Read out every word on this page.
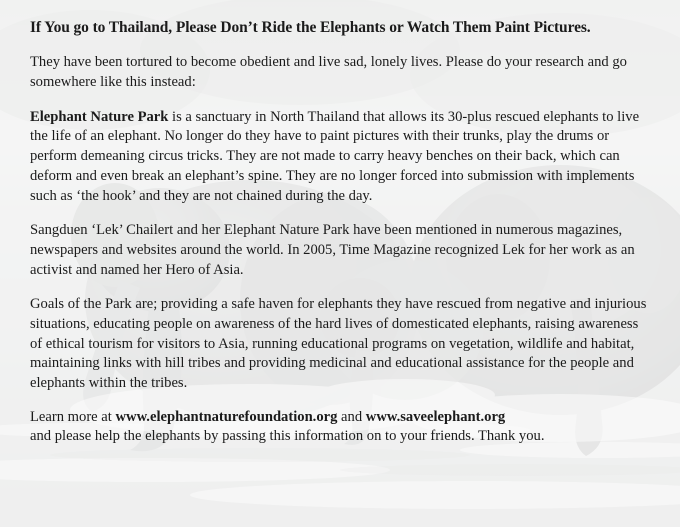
If You go to Thailand, Please Don’t Ride the Elephants or Watch Them Paint Pictures.

They have been tortured to become obedient and live sad, lonely lives. Please do your research and go somewhere like this instead:

Elephant Nature Park is a sanctuary in North Thailand that allows its 30-plus rescued elephants to live the life of an elephant. No longer do they have to paint pictures with their trunks, play the drums or perform demeaning circus tricks. They are not made to carry heavy benches on their back, which can deform and even break an elephant’s spine. They are no longer forced into submission with implements such as ‘the hook’ and they are not chained during the day.

Sangduen ‘Lek’ Chailert and her Elephant Nature Park have been mentioned in numerous magazines, newspapers and websites around the world. In 2005, Time Magazine recognized Lek for her work as an activist and named her Hero of Asia.

Goals of the Park are; providing a safe haven for elephants they have rescued from negative and injurious situations, educating people on awareness of the hard lives of domesticated elephants, raising awareness of ethical tourism for visitors to Asia, running educational programs on vegetation, wildlife and habitat, maintaining links with hill tribes and providing medicinal and educational assistance for the people and elephants within the tribes.

Learn more at www.elephantnaturefoundation.org and www.saveelephant.org
and please help the elephants by passing this information on to your friends. Thank you.
